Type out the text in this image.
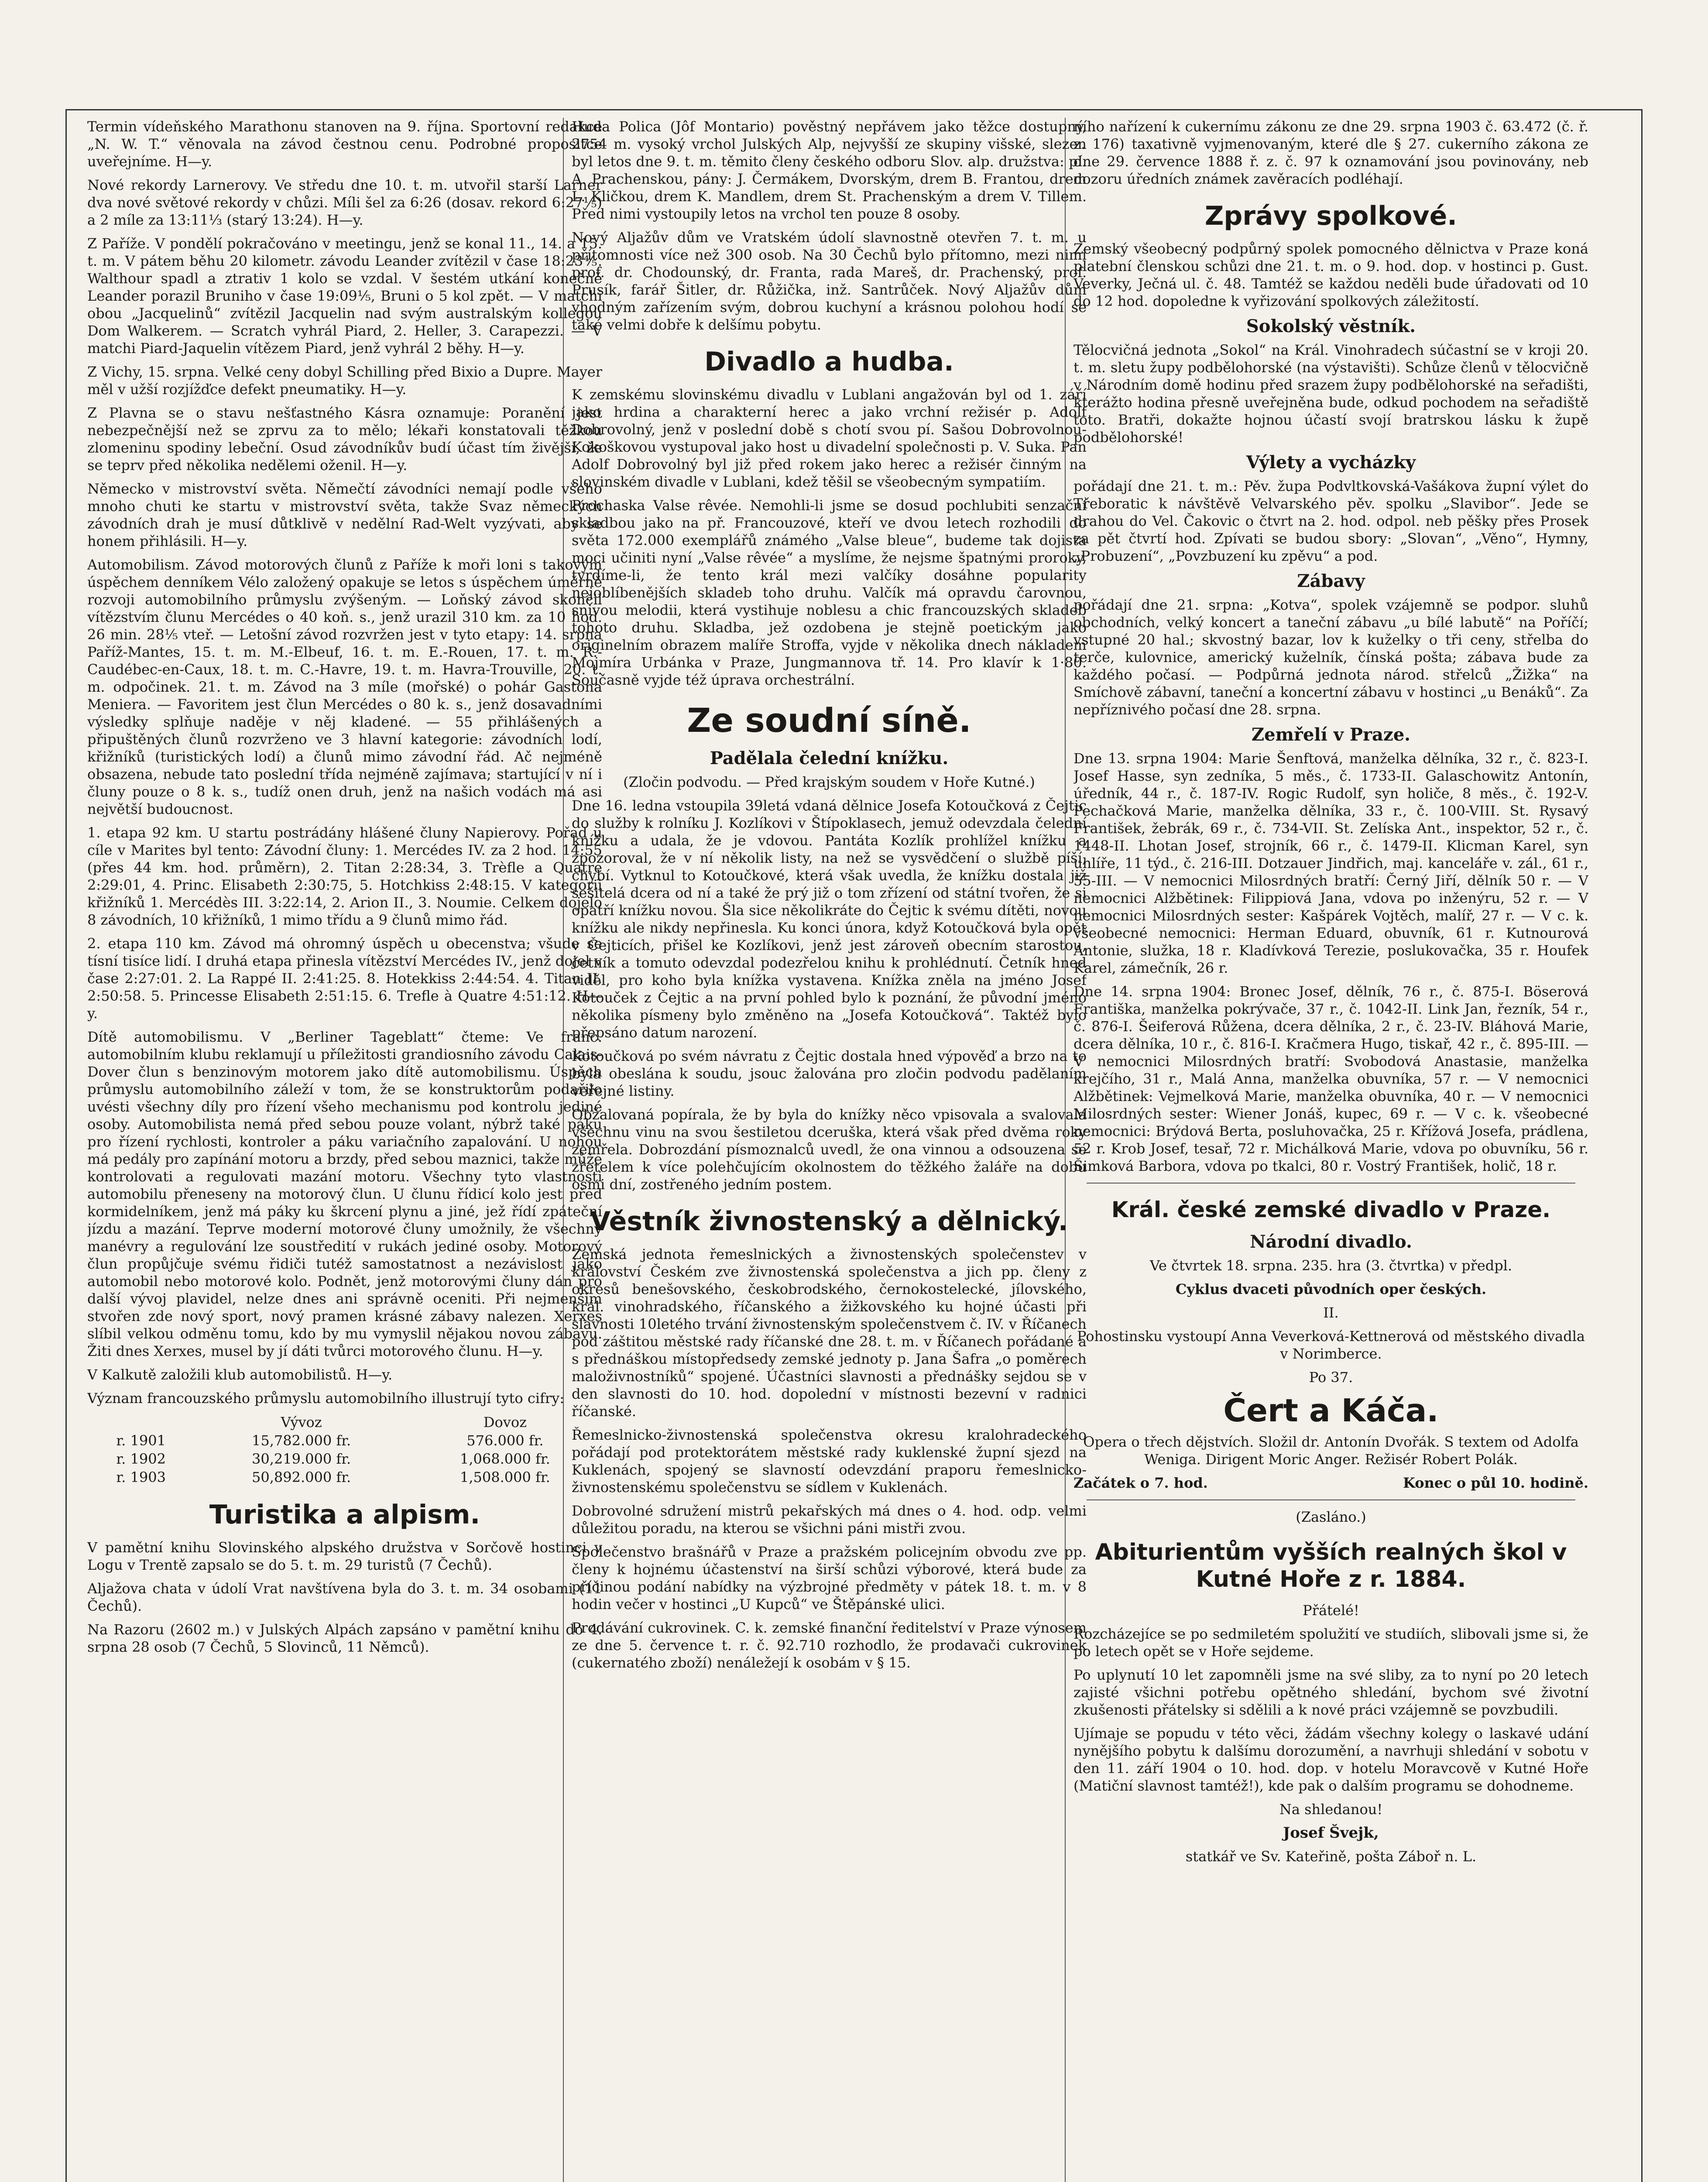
Termin vídeňského Marathonu stanoven na 9. října. Sportovní redakce „N. W. T.“ věnovala na závod čestnou cenu. Podrobné propositce uveřejníme. H—y.

Nové rekordy Larnerovy. Ve středu dne 10. t. m. utvořil starší Larner dva nové světové rekordy v chůzi. Míli šel za 6:26 (dosav. rekord 6:27⅕) a 2 míle za 13:11⅓ (starý 13:24). H—y.

Z Paříže. V pondělí pokračováno v meetingu, jenž se konal 11., 14. a 15. t. m. V pátem běhu 20 kilometr. závodu Leander zvítězil v čase 18:23⅘. Walthour spadl a ztrativ 1 kolo se vzdal. V šestém utkání konečně Leander porazil Bruniho v čase 19:09⅕, Bruni o 5 kol zpět. — V matchi obou „Jacquelinů“ zvítězil Jacquelin nad svým australským kollegou Dom Walkerem. — Scratch vyhrál Piard, 2. Heller, 3. Carapezzi. — V matchi Piard-Jaquelin vítězem Piard, jenž vyhrál 2 běhy. H—y.

Z Vichy, 15. srpna. Velké ceny dobyl Schilling před Bixio a Dupre. Mayer měl v užší rozjížďce defekt pneumatiky. H—y.

Z Plavna se o stavu nešťastného Kásra oznamuje: Poranění jest nebezpečnější než se zprvu za to mělo; lékaři konstatovali těžkou zlomeninu spodiny lebeční. Osud závodníkův budí účast tím živější, že se teprv před několika nedělemi oženil. H—y.

Německo v mistrovství světa. Němečtí závodníci nemají podle všeho mnoho chuti ke startu v mistrovství světa, takže Svaz německých závodních drah je musí důtklivě v nedělní Rad-Welt vyzývati, aby se honem přihlásili. H—y.

Automobilism. Závod motorových člunů z Paříže k moři loni s takovým úspěchem denníkem Vélo založený opakuje se letos s úspěchem úměrně rozvoji automobilního průmyslu zvýšeným. — Loňský závod skončil vítězstvím člunu Mercédes o 40 koň. s., jenž urazil 310 km. za 10 hod. 26 min. 28⅕ vteř. — Letošní závod rozvržen jest v tyto etapy: 14. srpna Paříž-Mantes, 15. t. m. M.-Elbeuf, 16. t. m. E.-Rouen, 17. t. m. R.-Caudébec-en-Caux, 18. t. m. C.-Havre, 19. t. m. Havra-Trouville, 20. t. m. odpočinek. 21. t. m. Závod na 3 míle (mořské) o pohár Gastona Meniera. — Favoritem jest člun Mercédes o 80 k. s., jenž dosavadními výsledky splňuje naděje v něj kladené. — 55 přihlášených a připuštěných člunů rozvrženo ve 3 hlavní kategorie: závodních lodí, křižníků (turistických lodí) a člunů mimo závodní řád. Ač nejméně obsazena, nebude tato poslední třída nejméně zajímava; startující v ní i čluny pouze o 8 k. s., tudíž onen druh, jenž na našich vodách má asi největší budoucnost.

1. etapa 92 km. U startu postrádány hlášené čluny Napierovy. Pořad u cíle v Marites byl tento: Závodní čluny: 1. Mercédes IV. za 2 hod. 14:55 (přes 44 km. hod. průměrn), 2. Titan 2:28:34, 3. Trèfle a Quatre 2:29:01, 4. Princ. Elisabeth 2:30:75, 5. Hotchkiss 2:48:15. V kategorii křižníků 1. Mercédès III. 3:22:14, 2. Arion II., 3. Noumie. Celkem dojelo 8 závodních, 10 křižníků, 1 mimo třídu a 9 člunů mimo řád.

2. etapa 110 km. Závod má ohromný úspěch u obecenstva; všude se tísní tisíce lidí. I druhá etapa přinesla vítězství Mercédes IV., jenž dojel v čase 2:27:01. 2. La Rappé II. 2:41:25. 8. Hotekkiss 2:44:54. 4. Titan II. 2:50:58. 5. Princesse Elisabeth 2:51:15. 6. Trefle à Quatre 4:51:12. H—y.

Dítě automobilismu. V „Berliner Tageblatt“ čteme: Ve franc. automobilním klubu reklamují u příležitosti grandiosního závodu Calais-Dover člun s benzinovým motorem jako dítě automobilismu. Úspěch průmyslu automobilního záleží v tom, že se konstruktorům podařilo uvésti všechny díly pro řízení všeho mechanismu pod kontrolu jediné osoby. Automobilista nemá před sebou pouze volant, nýbrž také páku pro řízení rychlosti, kontroler a páku variačního zapalování. U nohou má pedály pro zapínání motoru a brzdy, před sebou maznici, takže může kontrolovati a regulovati mazání motoru. Všechny tyto vlastnosti automobilu přeneseny na motorový člun. U člunu řídicí kolo jest před kormidelníkem, jenž má páky ku škrcení plynu a jiné, jež řídí zpáteční jízdu a mazání. Teprve moderní motorové čluny umožnily, že všechny manévry a regulování lze soustředití v rukách jediné osoby. Motorový člun propůjčuje svému řidiči tutéž samostatnost a nezávislost jako automobil nebo motorové kolo. Podnět, jenž motorovými čluny dán pro další vývoj plavidel, nelze dnes ani správně oceniti. Při nejmenším stvořen zde nový sport, nový pramen krásné zábavy nalezen. Xerxes slíbil velkou odměnu tomu, kdo by mu vymyslil nějakou novou zábavu. Žiti dnes Xerxes, musel by jí dáti tvůrci motorového člunu. H—y.

V Kalkutě založili klub automobilistů. H—y.

Význam francouzského průmyslu automobilního illustrují tyto cifry:

	Vývoz	Dovoz
r. 1901	15,782.000 fr.	576.000 fr.
r. 1902	30,219.000 fr.	1,068.000 fr.
r. 1903	50,892.000 fr.	1,508.000 fr.
Turistika a alpism.

V pamětní knihu Slovinského alpského družstva v Sorčově hostinci v Logu v Trentě zapsalo se do 5. t. m. 29 turistů (7 Čechů).

Aljažova chata v údolí Vrat navštívena byla do 3. t. m. 34 osobami (11 Čechů).

Na Razoru (2602 m.) v Julských Alpách zapsáno v pamětní knihu do 4. srpna 28 osob (7 Čechů, 5 Slovinců, 11 Němců).

Huda Polica (Jôf Montario) pověstný nepřávem jako těžce dostupný, 2754 m. vysoký vrchol Julských Alp, nejvyšší ze skupiny višské, slezen byl letos dne 9. t. m. těmito členy českého odboru Slov. alp. družstva: pí. A. Prachenskou, pány: J. Čermákem, Dvorským, drem B. Frantou, drem L. Kličkou, drem K. Mandlem, drem St. Prachenským a drem V. Tillem. Před nimi vystoupily letos na vrchol ten pouze 8 osoby.

Nový Aljažův dům ve Vratském údolí slavnostně otevřen 7. t. m. u přítomnosti více než 300 osob. Na 30 Čechů bylo přítomno, mezi nimi prof. dr. Chodounský, dr. Franta, rada Mareš, dr. Prachenský, prof. Prusík, farář Šitler, dr. Růžička, inž. Santrůček. Nový Aljažův dům vhodným zařízením svým, dobrou kuchyní a krásnou polohou hodí se také velmi dobře k delšímu pobytu.

Divadlo a hudba.

K zemskému slovinskému divadlu v Lublani angažován byl od 1. září jako hrdina a charakterní herec a jako vrchní režisér p. Adolf Dobrovolný, jenž v poslední době s chotí svou pí. Sašou Dobrovolnou-Kokoškovou vystupoval jako host u divadelní společnosti p. V. Suka. Pan Adolf Dobrovolný byl již před rokem jako herec a režisér činným na slovinském divadle v Lublani, kdež těšil se všeobecným sympatiím.

Prochaska Valse rêvée. Nemohli-li jsme se dosud pochlubiti senzační skladbou jako na př. Francouzové, kteří ve dvou letech rozhodili do světa 172.000 exemplářů známého „Valse bleue“, budeme tak dojista moci učiniti nyní „Valse rêvée“ a myslíme, že nejsme špatnými proroky, tvrdíme-li, že tento král mezi valčíky dosáhne popularity nejoblíbenějších skladeb toho druhu. Valčík má opravdu čarovnou, snivou melodii, která vystihuje noblesu a chic francouzských skladeb tohoto druhu. Skladba, jež ozdobena je stejně poetickým jako originelním obrazem malíře Stroffa, vyjde v několika dnech nákladem Mojmíra Urbánka v Praze, Jungmannova tř. 14. Pro klavír k 1·80. Současně vyjde též úprava orchestrální.

Ze soudní síně.
Padělala čelední knížku.

(Zločin podvodu. — Před krajským soudem v Hoře Kutné.)

Dne 16. ledna vstoupila 39letá vdaná dělnice Josefa Kotoučková z Čejtic do služby k rolníku J. Kozlíkovi v Štípoklasech, jemuž odevzdala čelední knížku a udala, že je vdovou. Pantáta Kozlík prohlížel knížku a zpozoroval, že v ní několik listy, na než se vysvědčení o službě píší, chybí. Vytknul to Kotoučkové, která však uvedla, že knížku dostala již sešitelá dcera od ní a také že prý již o tom zřízení od státní tvořen, že si opatří knížku novou. Šla sice několikráte do Čejtic k svému dítěti, novou knížku ale nikdy nepřinesla. Ku konci února, když Kotoučková byla opět v Čejticích, přišel ke Kozlíkovi, jenž jest zároveň obecním starostou, četník a tomuto odevzdal podezřelou knihu k prohlédnutí. Četník hned viděl, pro koho byla knížka vystavena. Knížka zněla na jméno Josef Kotouček z Čejtic a na první pohled bylo k poznání, že původní jméno několika písmeny bylo změněno na „Josefa Kotoučková“. Taktéž bylo přepsáno datum narození.

Kotoučková po svém návratu z Čejtic dostala hned výpověď a brzo na to byla obeslána k soudu, jsouc žalována pro zločin podvodu padělaním veřejné listiny.

Obžalovaná popírala, že by byla do knížky něco vpisovala a svalovala všechnu vinu na svou šestiletou dceruška, která však před dvěma roky zemřela. Dobrozdání písmoznalců uvedl, že ona vinnou a odsouzena se zřetelem k více polehčujícím okolnostem do těžkého žaláře na dobu osmi dní, zostřeného jedním postem.

Věstník živnostenský a dělnický.

Zemská jednota řemeslnických a živnostenských společenstev v království Českém zve živnostenská společenstva a jich pp. členy z okresů benešovského, českobrodského, černokostelecké, jílovského, král. vinohradského, říčanského a žižkovského ku hojné účasti při slavnosti 10letého trvání živnostenským společenstvem č. IV. v Říčanech pod záštitou městské rady říčanské dne 28. t. m. v Říčanech pořádané a s přednáškou místopředsedy zemské jednoty p. Jana Šafra „o poměrech maloživnostníků“ spojené. Účastníci slavnosti a přednášky sejdou se v den slavnosti do 10. hod. dopolední v místnosti bezevní v radnici říčanské.

Řemeslnicko-živnostenská společenstva okresu kralohradeckého pořádají pod protektorátem městské rady kuklenské župní sjezd na Kuklenách, spojený se slavností odevzdání praporu řemeslnicko-živnostenskému společenstvu se sídlem v Kuklenách.

Dobrovolné sdružení mistrů pekařských má dnes o 4. hod. odp. velmi důležitou poradu, na kterou se všichni páni mistři zvou.

Společenstvo brašnářů v Praze a pražském policejním obvodu zve pp. členy k hojnému účastenství na širší schůzi výborové, která bude za příčinou podání nabídky na výzbrojné předměty v pátek 18. t. m. v 8 hodin večer v hostinci „U Kupců“ ve Štěpánské ulici.

Prodávání cukrovinek. C. k. zemské finanční ředitelství v Praze výnosem ze dne 5. července t. r. č. 92.710 rozhodlo, že prodavači cukrovinek (cukernatého zboží) nenáležejí k osobám v § 15.

ního nařízení k cukernímu zákonu ze dne 29. srpna 1903 č. 63.472 (č. ř. z. 176) taxativně vyjmenovaným, které dle § 27. cukerního zákona ze dne 29. července 1888 ř. z. č. 97 k oznamování jsou povinovány, neb dozoru úředních známek zavěracích podléhají.

Zprávy spolkové.

Zemský všeobecný podpůrný spolek pomocného dělnictva v Praze koná platební členskou schůzi dne 21. t. m. o 9. hod. dop. v hostinci p. Gust. Veverky, Ječná ul. č. 48. Tamtéž se každou neděli bude úřadovati od 10 do 12 hod. dopoledne k vyřizování spolkových záležitostí.

Sokolský věstník.

Tělocvičná jednota „Sokol“ na Král. Vinohradech súčastní se v kroji 20. t. m. sletu župy podbělohorské (na výstavišti). Schůze členů v tělocvičně v Národním domě hodinu před srazem župy podbělohorské na seřadišti, kterážto hodina přesně uveřejněna bude, odkud pochodem na seřadiště toto. Bratři, dokažte hojnou účastí svojí bratrskou lásku k župě podbělohorské!

Výlety a vycházky

pořádají dne 21. t. m.: Pěv. župa Podvltkovská-Vašákova župní výlet do Třeboratic k návštěvě Velvarského pěv. spolku „Slavibor“. Jede se drahou do Vel. Čakovic o čtvrt na 2. hod. odpol. neb pěšky přes Prosek za pět čtvrtí hod. Zpívati se budou sbory: „Slovan“, „Věno“, Hymny, „Probuzení“, „Povzbuzení ku zpěvu“ a pod.

Zábavy

pořádají dne 21. srpna: „Kotva“, spolek vzájemně se podpor. sluhů obchodních, velký koncert a taneční zábavu „u bílé labutě“ na Poříčí; vstupné 20 hal.; skvostný bazar, lov k kuželky o tři ceny, střelba do terče, kulovnice, americký kuželník, čínská pošta; zábava bude za každého počasí. — Podpůrná jednota národ. střelců „Žižka“ na Smíchově zábavní, taneční a koncertní zábavu v hostinci „u Benáků“. Za nepříznivého počasí dne 28. srpna.

Zemřelí v Praze.

Dne 13. srpna 1904: Marie Šenftová, manželka dělníka, 32 r., č. 823-I. Josef Hasse, syn zedníka, 5 měs., č. 1733-II. Galaschowitz Antonín, úředník, 44 r., č. 187-IV. Rogic Rudolf, syn holiče, 8 měs., č. 192-V. Pechačková Marie, manželka dělníka, 33 r., č. 100-VIII. St. Rysavý František, žebrák, 69 r., č. 734-VII. St. Zelíska Ant., inspektor, 52 r., č. 1448-II. Lhotan Josef, strojník, 66 r., č. 1479-II. Klicman Karel, syn uhlíře, 11 týd., č. 216-III. Dotzauer Jindřich, maj. kanceláře v. zál., 61 r., 55-III. — V nemocnici Milosrdných bratří: Černý Jiří, dělník 50 r. — V nemocnici Alžbětinek: Filippiová Jana, vdova po inženýru, 52 r. — V nemocnici Milosrdných sester: Kašpárek Vojtěch, malíř, 27 r. — V c. k. všeobecné nemocnici: Herman Eduard, obuvník, 61 r. Kutnourová Antonie, služka, 18 r. Kladívková Terezie, poslukovačka, 35 r. Houfek Karel, zámečník, 26 r.

Dne 14. srpna 1904: Bronec Josef, dělník, 76 r., č. 875-I. Böserová Františka, manželka pokrývače, 37 r., č. 1042-II. Link Jan, řezník, 54 r., č. 876-I. Šeiferová Růžena, dcera dělníka, 2 r., č. 23-IV. Bláhová Marie, dcera dělníka, 10 r., č. 816-I. Kračmera Hugo, tiskař, 42 r., č. 895-III. — V nemocnici Milosrdných bratří: Svobodová Anastasie, manželka krejčího, 31 r., Malá Anna, manželka obuvníka, 57 r. — V nemocnici Alžbětinek: Vejmelková Marie, manželka obuvníka, 40 r. — V nemocnici Milosrdných sester: Wiener Jonáš, kupec, 69 r. — V c. k. všeobecné nemocnici: Brýdová Berta, posluhovačka, 25 r. Křížová Josefa, prádlena, 52 r. Krob Josef, tesař, 72 r. Michálková Marie, vdova po obuvníku, 56 r. Šimková Barbora, vdova po tkalci, 80 r. Vostrý František, holič, 18 r.

Král. české zemské divadlo v Praze.
Národní divadlo.

Ve čtvrtek 18. srpna. 235. hra (3. čtvrtka) v předpl.

Cyklus dvaceti původních oper českých.

II.

Pohostinsku vystoupí Anna Veverková-Kettnerová od městského divadla v Norimberce.

Po 37.

Čert a Káča.

Opera o třech dějstvích. Složil dr. Antonín Dvořák. S textem od Adolfa Weniga. Dirigent Moric Anger. Režisér Robert Polák.

Začátek o 7. hod.	Konec o půl 10. hodině.

(Zasláno.)

Abiturientům vyšších realných škol v Kutné Hoře z r. 1884.

Přátelé!

Rozcházejíce se po sedmiletém spolužití ve studiích, slibovali jsme si, že po letech opět se v Hoře sejdeme.

Po uplynutí 10 let zapomněli jsme na své sliby, za to nyní po 20 letech zajisté všichni potřebu opětného shledání, bychom své životní zkušenosti přátelsky si sdělili a k nové práci vzájemně se povzbudili.

Ujímaje se popudu v této věci, žádám všechny kolegy o laskavé udání nynějšího pobytu k dalšímu dorozumění, a navrhuji shledání v sobotu v den 11. září 1904 o 10. hod. dop. v hotelu Moravcově v Kutné Hoře (Matiční slavnost tamtéž!), kde pak o dalším programu se dohodneme.

Na shledanou!

Josef Švejk,

statkář ve Sv. Kateřině, pošta Záboř n. L.
